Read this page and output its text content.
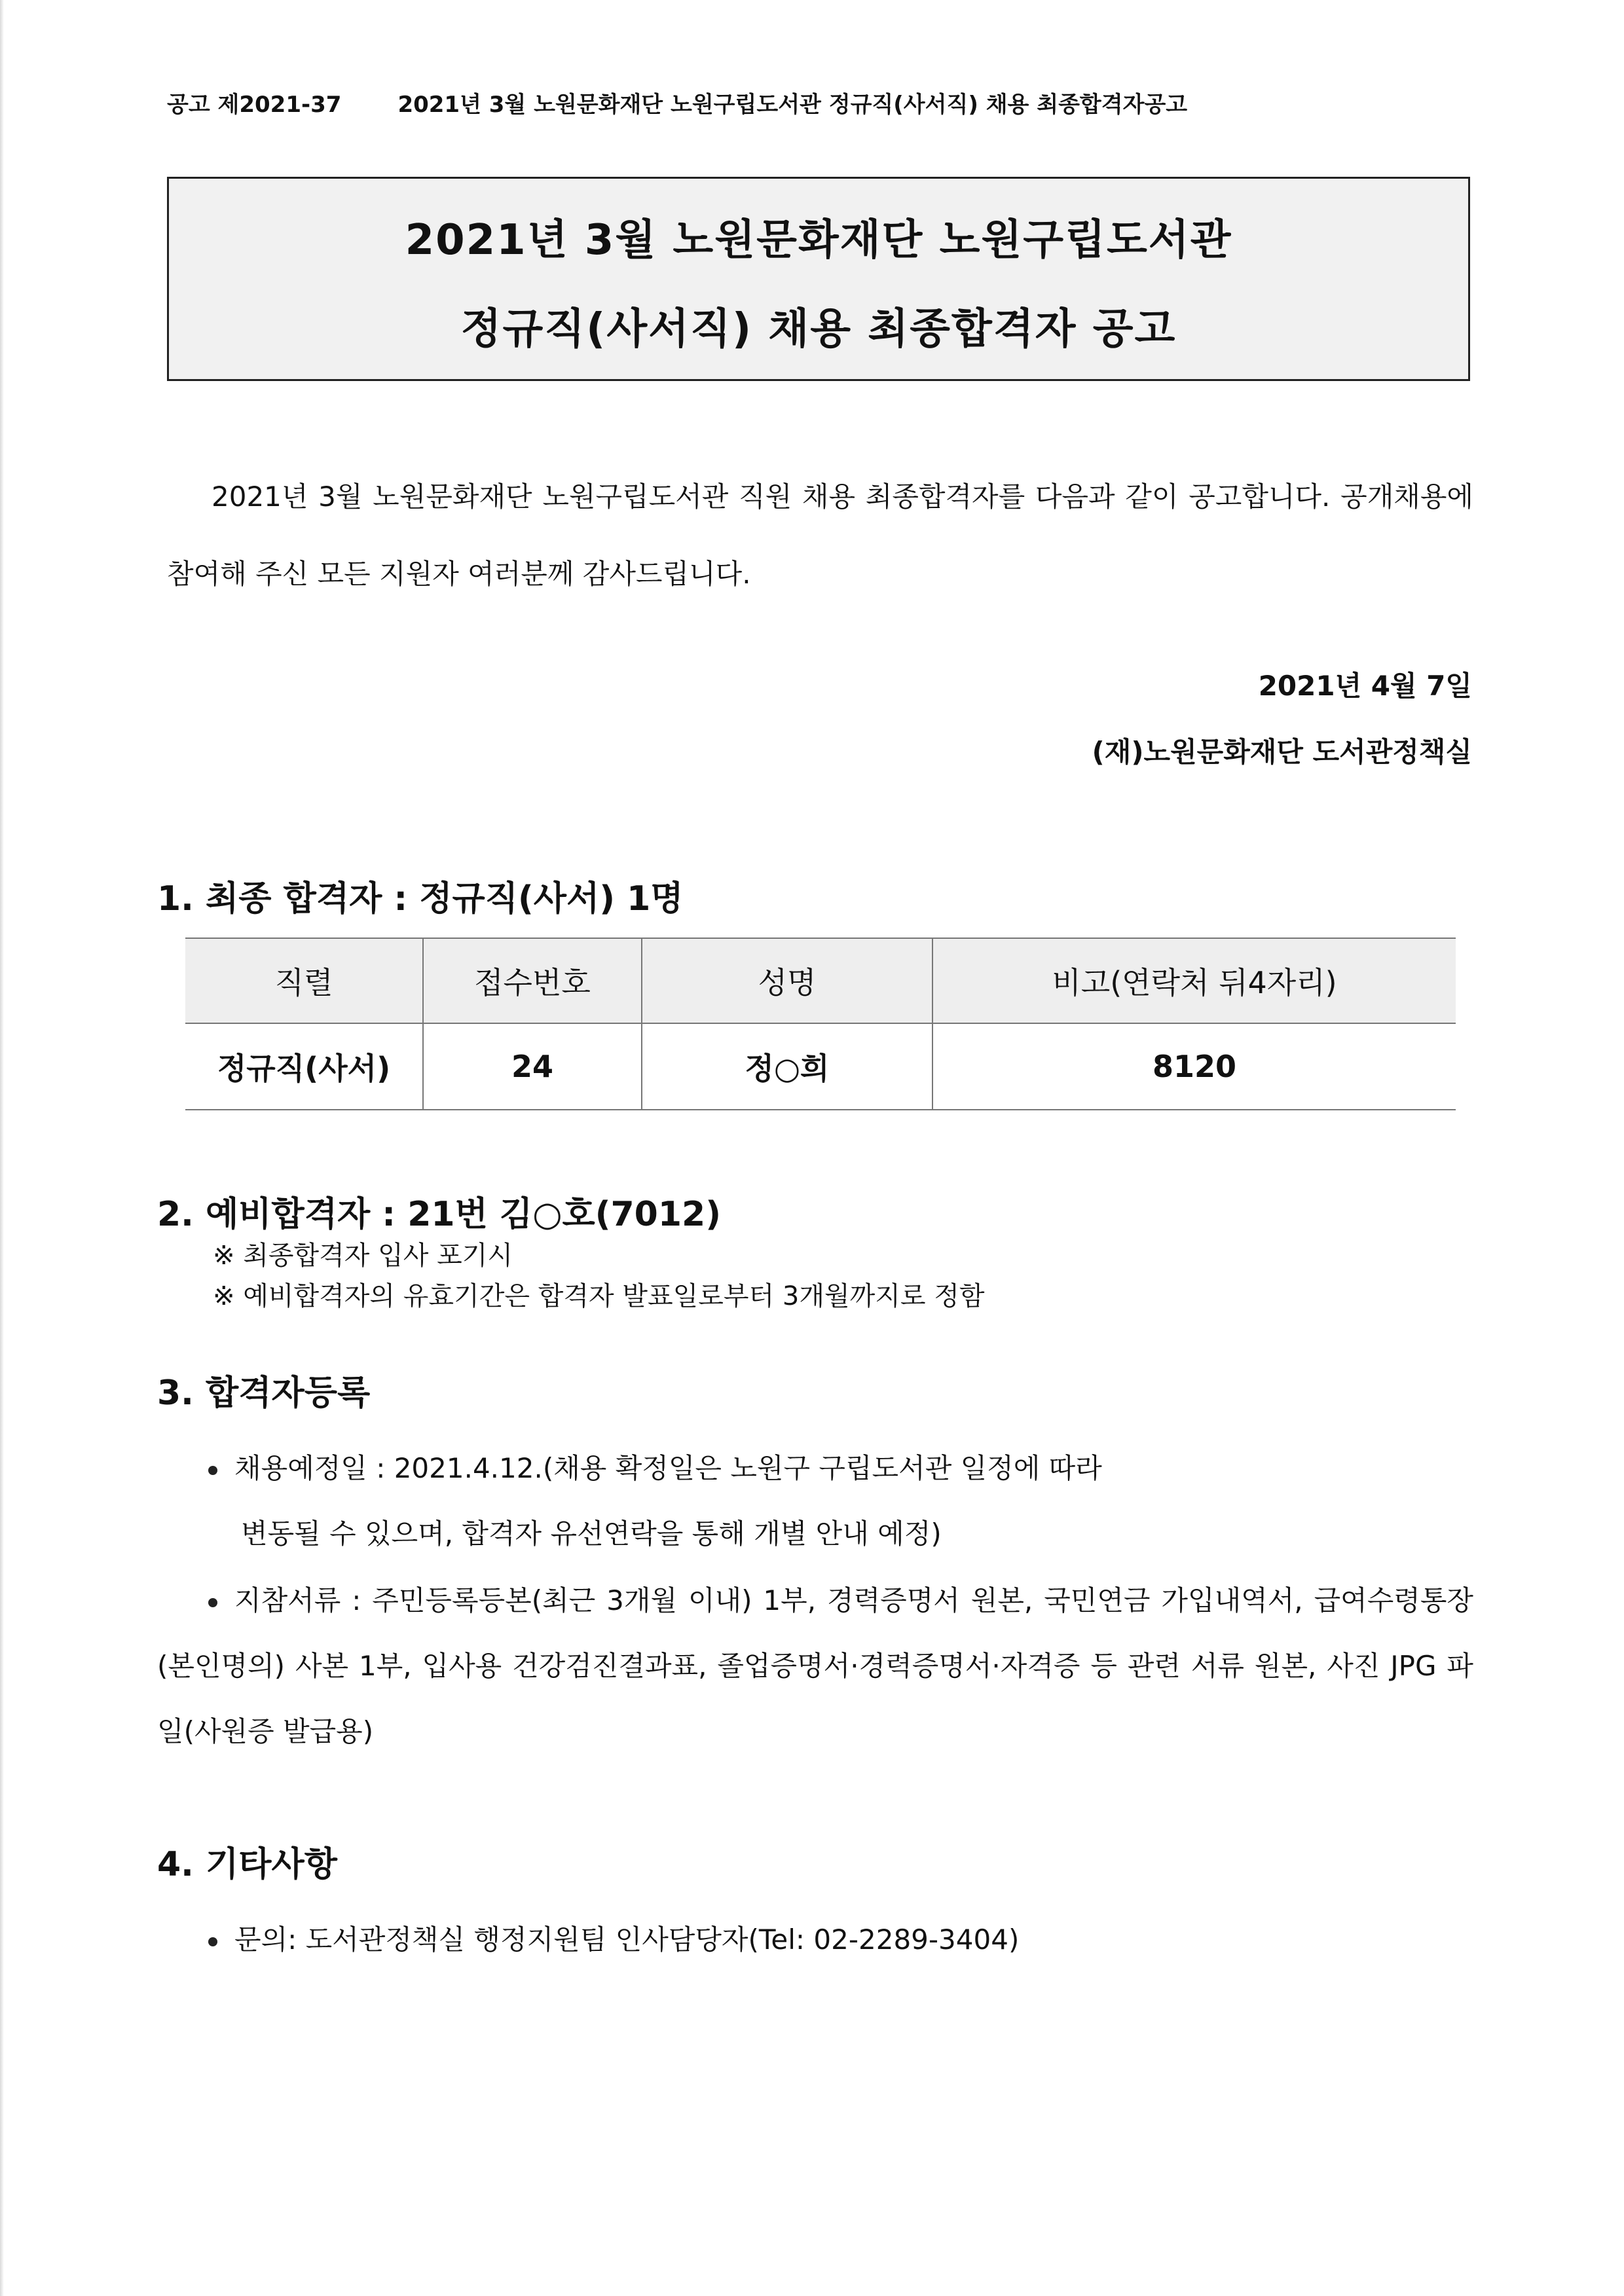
공고 제2021-37	2021년 3월 노원문화재단 노원구립도서관 정규직(사서직) 채용 최종합격자공고
2021년 3월 노원문화재단 노원구립도서관
정규직(사서직) 채용 최종합격자 공고
2021년 3월 노원문화재단 노원구립도서관 직원 채용 최종합격자를 다음과 같이 공고합니다. 공개채용에 참여해 주신 모든 지원자 여러분께 감사드립니다.
2021년 4월 7일
(재)노원문화재단 도서관정책실
1. 최종 합격자 : 정규직(사서) 1명
직렬	접수번호	성명	비고(연락처 뒤4자리)
정규직(사서)	24	정○희	8120
2. 예비합격자 : 21번 김○호(7012)
※ 최종합격자 입사 포기시
※ 예비합격자의 유효기간은 합격자 발표일로부터 3개월까지로 정함
3. 합격자등록
채용예정일 : 2021.4.12.(채용 확정일은 노원구 구립도서관 일정에 따라
변동될 수 있으며, 합격자 유선연락을 통해 개별 안내 예정)
지참서류 : 주민등록등본(최근 3개월 이내) 1부, 경력증명서 원본, 국민연금 가입내역서, 급여수령통장(본인명의) 사본 1부, 입사용 건강검진결과표, 졸업증명서·경력증명서·자격증 등 관련 서류 원본, 사진 JPG 파일(사원증 발급용)
4. 기타사항
문의: 도서관정책실 행정지원팀 인사담당자(Tel: 02-2289-3404)
